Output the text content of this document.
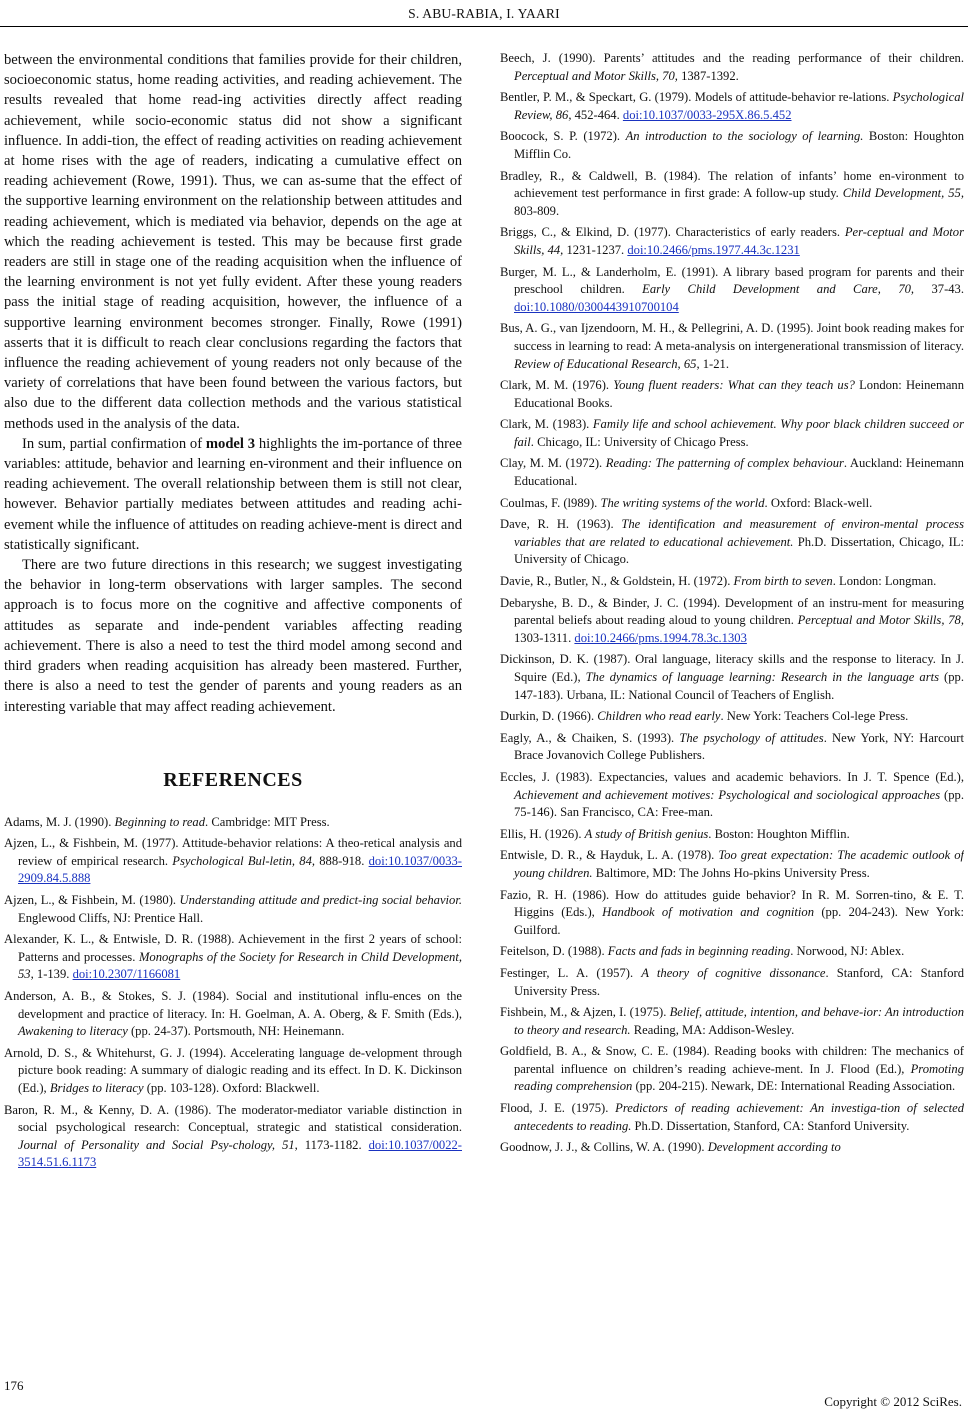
S. ABU-RABIA, I. YAARI

between the environmental conditions that families provide for their children, socioeconomic status, home reading activities, and reading achievement. The results revealed that home read-ing activities directly affect reading achievement, while socio-economic status did not show a significant influence. In addi-tion, the effect of reading activities on reading achievement at home rises with the age of readers, indicating a cumulative effect on reading achievement (Rowe, 1991). Thus, we can as-sume that the effect of the supportive learning environment on the relationship between attitudes and reading achievement, which is mediated via behavior, depends on the age at which the reading achievement is tested. This may be because first grade readers are still in stage one of the reading acquisition when the influence of the learning environment is not yet fully evident. After these young readers pass the initial stage of reading acquisition, however, the influence of a supportive learning environment becomes stronger. Finally, Rowe (1991) asserts that it is difficult to reach clear conclusions regarding the factors that influence the reading achievement of young readers not only because of the variety of correlations that have been found between the various factors, but also due to the different data collection methods and the various statistical methods used in the analysis of the data.

In sum, partial confirmation of model 3 highlights the im-portance of three variables: attitude, behavior and learning en-vironment and their influence on reading achievement. The overall relationship between them is still not clear, however. Behavior partially mediates between attitudes and reading achi-evement while the influence of attitudes on reading achieve-ment is direct and statistically significant.

There are two future directions in this research; we suggest investigating the behavior in long-term observations with larger samples. The second approach is to focus more on the cognitive and affective components of attitudes as separate and inde-pendent variables affecting reading achievement. There is also a need to test the third model among second and third graders when reading acquisition has already been mastered. Further, there is also a need to test the gender of parents and young readers as an interesting variable that may affect reading achievement.

REFERENCES

Adams, M. J. (1990). Beginning to read. Cambridge: MIT Press.

Ajzen, L., & Fishbein, M. (1977). Attitude-behavior relations: A theo-retical analysis and review of empirical research. Psychological Bul-letin, 84, 888-918. doi:10.1037/0033-2909.84.5.888

Ajzen, L., & Fishbein, M. (1980). Understanding attitude and predict-ing social behavior. Englewood Cliffs, NJ: Prentice Hall.

Alexander, K. L., & Entwisle, D. R. (1988). Achievement in the first 2 years of school: Patterns and processes. Monographs of the Society for Research in Child Development, 53, 1-139. doi:10.2307/1166081

Anderson, A. B., & Stokes, S. J. (1984). Social and institutional influ-ences on the development and practice of literacy. In: H. Goelman, A. A. Oberg, & F. Smith (Eds.), Awakening to literacy (pp. 24-37). Portsmouth, NH: Heinemann.

Arnold, D. S., & Whitehurst, G. J. (1994). Accelerating language de-velopment through picture book reading: A summary of dialogic reading and its effect. In D. K. Dickinson (Ed.), Bridges to literacy (pp. 103-128). Oxford: Blackwell.

Baron, R. M., & Kenny, D. A. (1986). The moderator-mediator variable distinction in social psychological research: Conceptual, strategic and statistical consideration. Journal of Personality and Social Psy-chology, 51, 1173-1182. doi:10.1037/0022-3514.51.6.1173

Beech, J. (1990). Parents’ attitudes and the reading performance of their children. Perceptual and Motor Skills, 70, 1387-1392.

Bentler, P. M., & Speckart, G. (1979). Models of attitude-behavior re-lations. Psychological Review, 86, 452-464. doi:10.1037/0033-295X.86.5.452

Boocock, S. P. (1972). An introduction to the sociology of learning. Boston: Houghton Mifflin Co.

Bradley, R., & Caldwell, B. (1984). The relation of infants’ home en-vironment to achievement test performance in first grade: A follow-up study. Child Development, 55, 803-809.

Briggs, C., & Elkind, D. (1977). Characteristics of early readers. Per-ceptual and Motor Skills, 44, 1231-1237. doi:10.2466/pms.1977.44.3c.1231

Burger, M. L., & Landerholm, E. (1991). A library based program for parents and their preschool children. Early Child Development and Care, 70, 37-43. doi:10.1080/0300443910700104

Bus, A. G., van Ijzendoorn, M. H., & Pellegrini, A. D. (1995). Joint book reading makes for success in learning to read: A meta-analysis on intergenerational transmission of literacy. Review of Educational Research, 65, 1-21.

Clark, M. M. (1976). Young fluent readers: What can they teach us? London: Heinemann Educational Books.

Clark, M. (1983). Family life and school achievement. Why poor black children succeed or fail. Chicago, IL: University of Chicago Press.

Clay, M. M. (1972). Reading: The patterning of complex behaviour. Auckland: Heinemann Educational.

Coulmas, F. (l989). The writing systems of the world. Oxford: Black-well.

Dave, R. H. (1963). The identification and measurement of environ-mental process variables that are related to educational achievement. Ph.D. Dissertation, Chicago, IL: University of Chicago.

Davie, R., Butler, N., & Goldstein, H. (1972). From birth to seven. London: Longman.

Debaryshe, B. D., & Binder, J. C. (1994). Development of an instru-ment for measuring parental beliefs about reading aloud to young children. Perceptual and Motor Skills, 78, 1303-1311. doi:10.2466/pms.1994.78.3c.1303

Dickinson, D. K. (1987). Oral language, literacy skills and the response to literacy. In J. Squire (Ed.), The dynamics of language learning: Research in the language arts (pp. 147-183). Urbana, IL: National Council of Teachers of English.

Durkin, D. (1966). Children who read early. New York: Teachers Col-lege Press.

Eagly, A., & Chaiken, S. (1993). The psychology of attitudes. New York, NY: Harcourt Brace Jovanovich College Publishers.

Eccles, J. (1983). Expectancies, values and academic behaviors. In J. T. Spence (Ed.), Achievement and achievement motives: Psychological and sociological approaches (pp. 75-146). San Francisco, CA: Free-man.

Ellis, H. (1926). A study of British genius. Boston: Houghton Mifflin.

Entwisle, D. R., & Hayduk, L. A. (1978). Too great expectation: The academic outlook of young children. Baltimore, MD: The Johns Ho-pkins University Press.

Fazio, R. H. (1986). How do attitudes guide behavior? In R. M. Sorren-tino, & E. T. Higgins (Eds.), Handbook of motivation and cognition (pp. 204-243). New York: Guilford.

Feitelson, D. (1988). Facts and fads in beginning reading. Norwood, NJ: Ablex.

Festinger, L. A. (1957). A theory of cognitive dissonance. Stanford, CA: Stanford University Press.

Fishbein, M., & Ajzen, I. (1975). Belief, attitude, intention, and behave-ior: An introduction to theory and research. Reading, MA: Addison-Wesley.

Goldfield, B. A., & Snow, C. E. (1984). Reading books with children: The mechanics of parental influence on children’s reading achieve-ment. In J. Flood (Ed.), Promoting reading comprehension (pp. 204-215). Newark, DE: International Reading Association.

Flood, J. E. (1975). Predictors of reading achievement: An investiga-tion of selected antecedents to reading. Ph.D. Dissertation, Stanford, CA: Stanford University.

Goodnow, J. J., & Collins, W. A. (1990). Development according to

176
Copyright © 2012 SciRes.
